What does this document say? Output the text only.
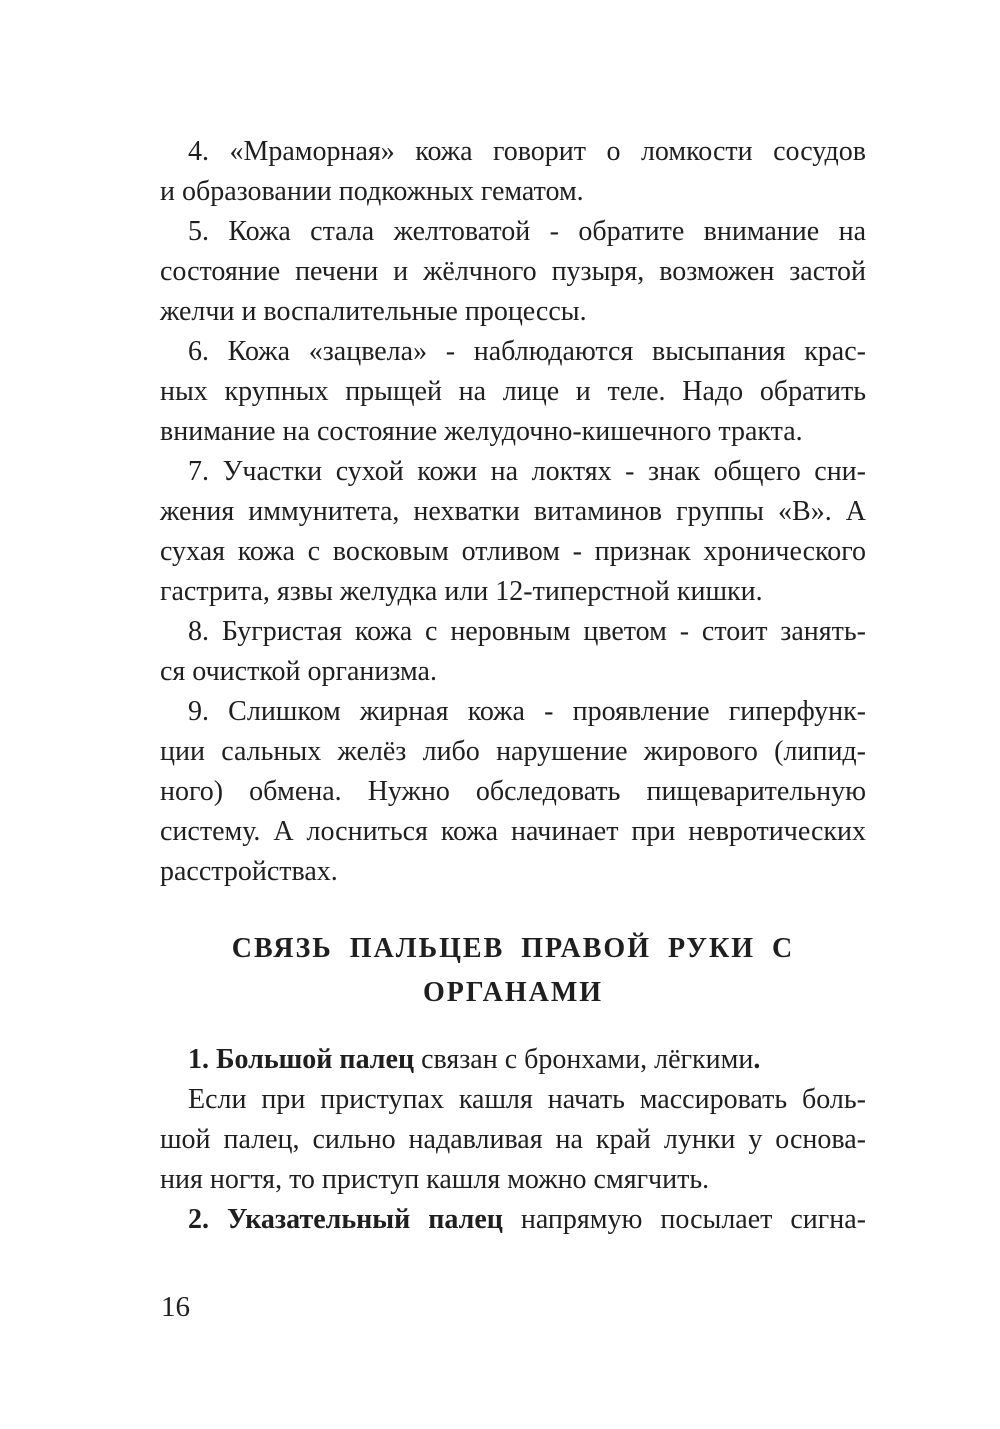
4. «Мраморная» кожа говорит о ломкости сосудов
и образовании подкожных гематом.

5. Кожа стала желтоватой - обратите внимание на
состояние печени и жёлчного пузыря, возможен застой
желчи и воспалительные процессы.

6. Кожа «зацвела» - наблюдаются высыпания крас-
ных крупных прыщей на лице и теле. Надо обратить
внимание на состояние желудочно-кишечного тракта.

7. Участки сухой кожи на локтях - знак общего сни-
жения иммунитета, нехватки витаминов группы «В». А
сухая кожа с восковым отливом - признак хронического
гастрита, язвы желудка или 12-типерстной кишки.

8. Бугристая кожа с неровным цветом - стоит занять-
ся очисткой организма.

9. Слишком жирная кожа - проявление гиперфунк-
ции сальных желёз либо нарушение жирового (липид-
ного) обмена. Нужно обследовать пищеварительную
систему. А лосниться кожа начинает при невротических
расстройствах.

СВЯЗЬ ПАЛЬЦЕВ ПРАВОЙ РУКИ С
ОРГАНАМИ

1. Большой палец связан с бронхами, лёгкими.

Если при приступах кашля начать массировать боль-
шой палец, сильно надавливая на край лунки у основа-
ния ногтя, то приступ кашля можно смягчить.

2. Указательный палец напрямую посылает сигна-

16
